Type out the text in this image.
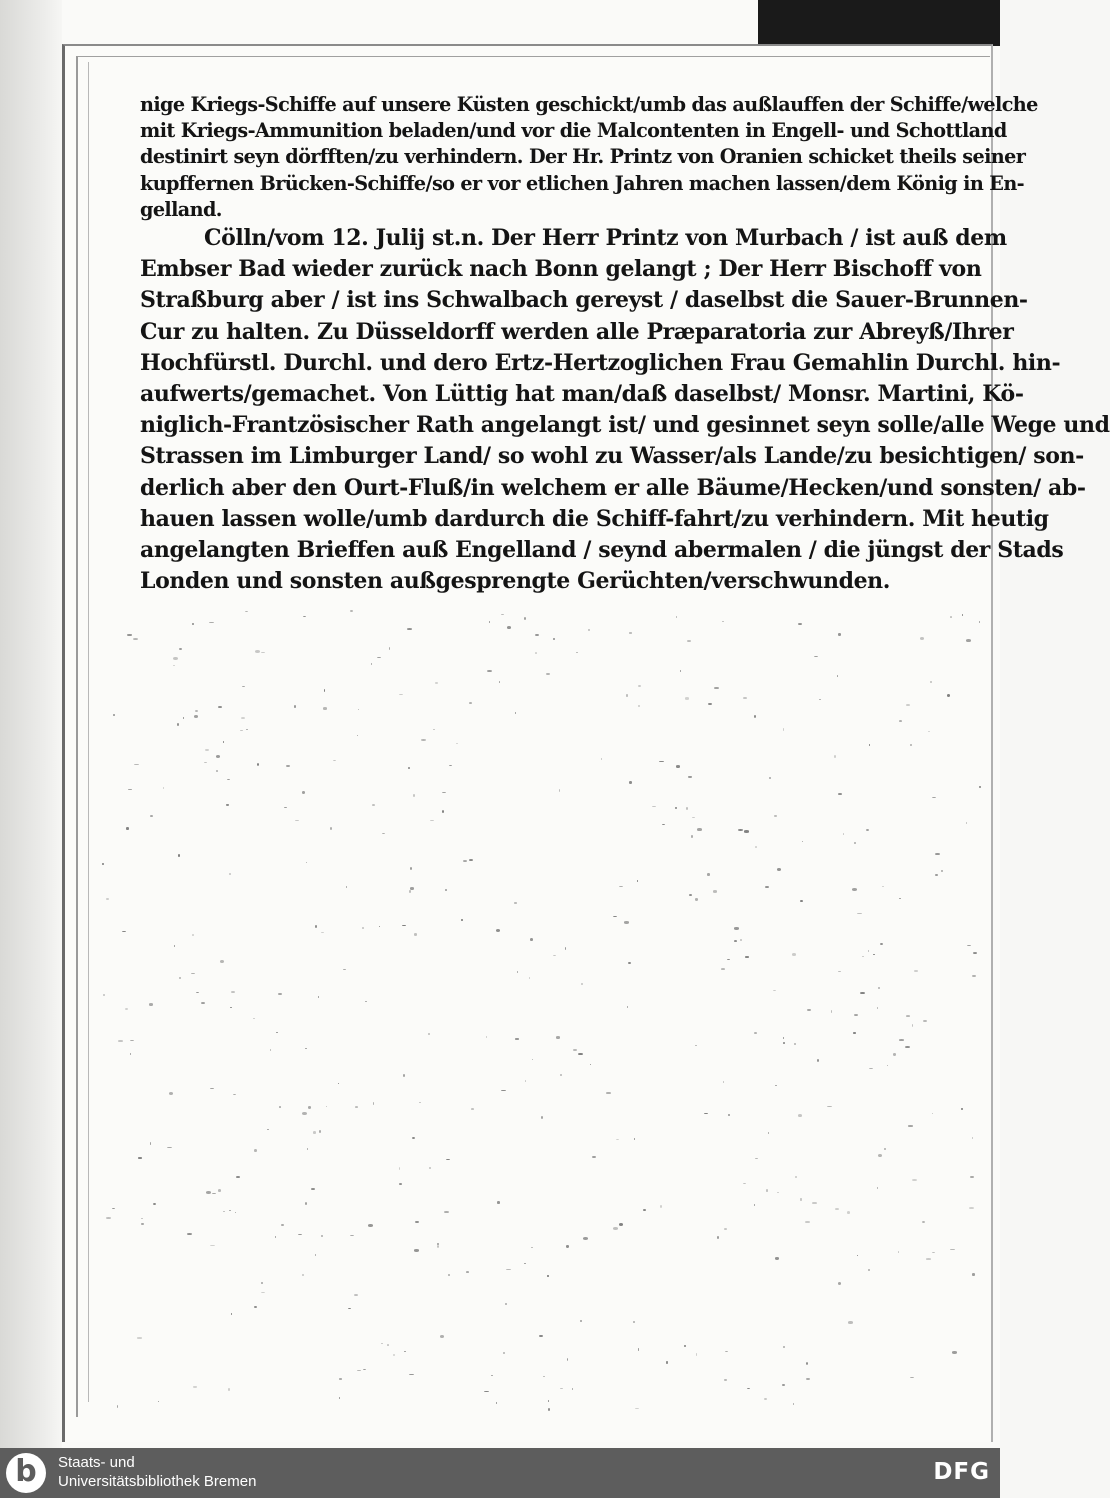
nige Kriegs-Schiffe auf unsere Küsten geschickt/umb das außlauffen der Schiffe/welche
mit Kriegs-Ammunition beladen/und vor die Malcontenten in Engell- und Schottland
destinirt seyn dörfften/zu verhindern. Der Hr. Printz von Oranien schicket theils seiner
kupffernen Brücken-Schiffe/so er vor etlichen Jahren machen lassen/dem König in En-
gelland.
Cölln/vom 12. Julij st.n. Der Herr Printz von Murbach / ist auß dem
Embser Bad wieder zurück nach Bonn gelangt ; Der Herr Bischoff von
Straßburg aber / ist ins Schwalbach gereyst / daselbst die Sauer-Brunnen-
Cur zu halten. Zu Düsseldorff werden alle Præparatoria zur Abreyß/Ihrer
Hochfürstl. Durchl. und dero Ertz-Hertzoglichen Frau Gemahlin Durchl. hin-
aufwerts/gemachet. Von Lüttig hat man/daß daselbst/ Monsr. Martini, Kö-
niglich-Frantzösischer Rath angelangt ist/ und gesinnet seyn solle/alle Wege und
Strassen im Limburger Land/ so wohl zu Wasser/als Lande/zu besichtigen/ son-
derlich aber den Ourt-Fluß/in welchem er alle Bäume/Hecken/und sonsten/ ab-
hauen lassen wolle/umb dardurch die Schiff-fahrt/zu verhindern. Mit heutig
angelangten Brieffen auß Engelland / seynd abermalen / die jüngst der Stads
Londen und sonsten außgesprengte Gerüchten/verschwunden.
b	Staats- und
Universitätsbibliothek Bremen	DFG
